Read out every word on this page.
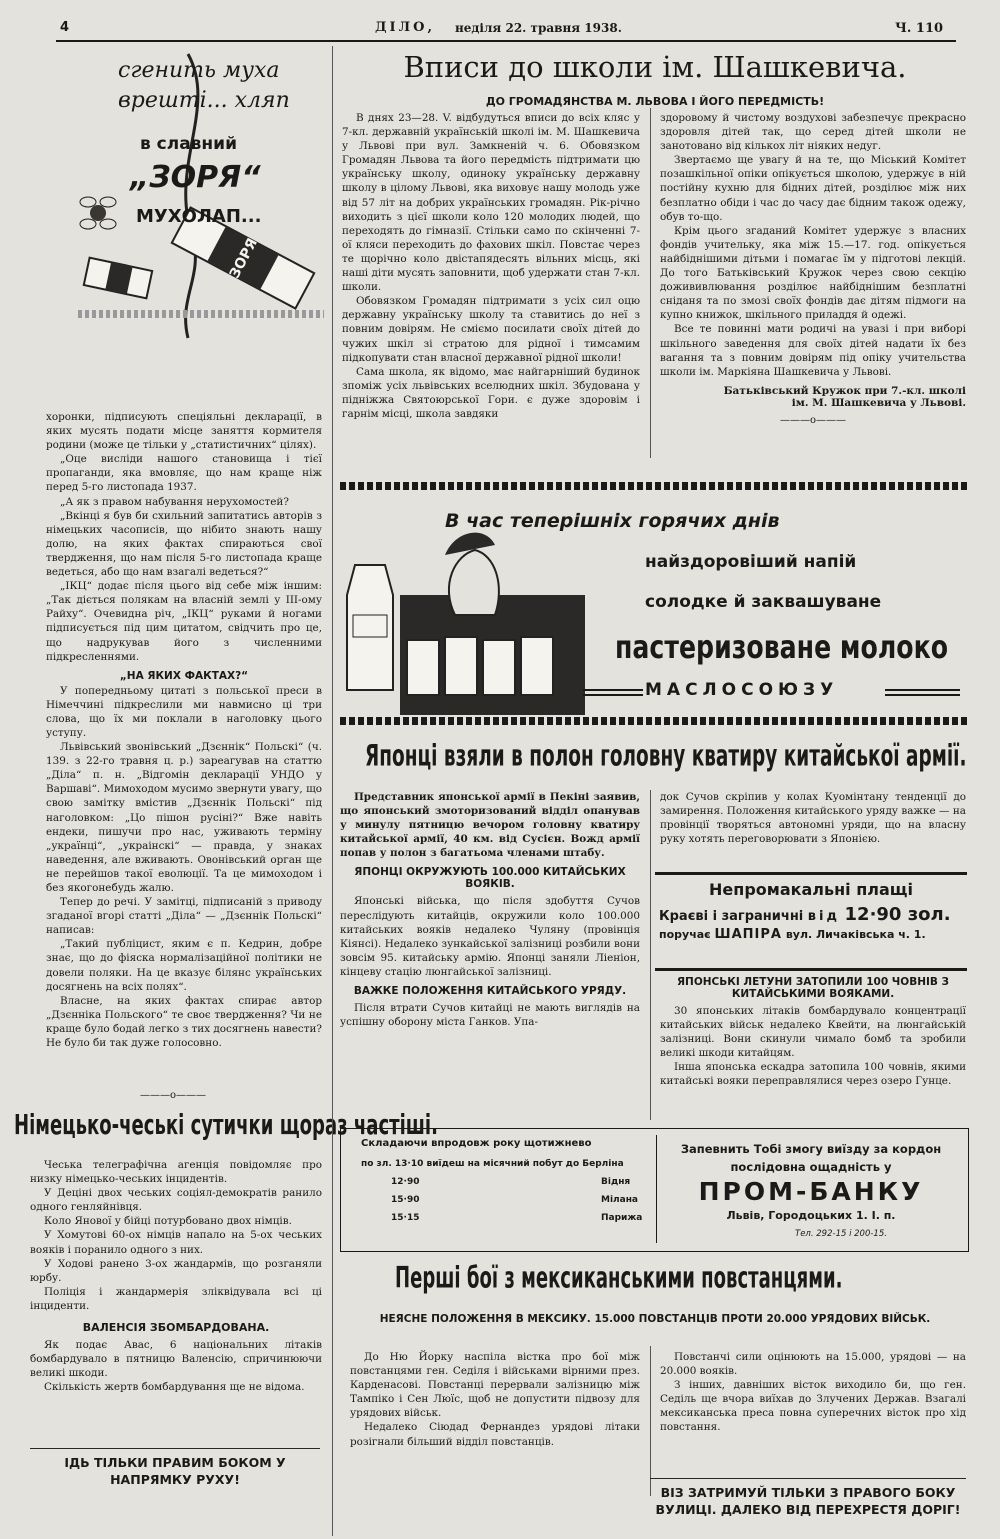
4	ДІЛО, неділя 22. травня 1938.	Ч. 110
ЗОРЯ
сгенить муха
врешті... хляп
в славний
„ЗОРЯ“
МУХОЛАП...

хоронки, підписують спеціяльні декларації, в яких мусять подати місце заняття кормителя родини (може це тільки у „статистичних“ цілях).

„Оце висліди нашого становища і тієї пропаганди, яка вмовляє, що нам краще ніж перед 5-го листопада 1937.

„А як з правом набування нерухомостей?

„Вкінці я був би схильний запитатись авторів з німецьких часописів, що нібито знають нашу долю, на яких фактах спираються свої твердження, що нам після 5-го листопада краще ведеться, або що нам взагалі ведеться?“

„ІКЦ“ додає після цього від себе між іншим: „Так діється полякам на власній землі у ІІІ-ому Райху“. Очевидна річ, „ІКЦ“ руками й ногами підписується під цим цитатом, свідчить про це, що надрукував його з численними підкресленнями.

„НА ЯКИХ ФАКТАХ?“

У попередньому цитаті з польської преси в Німеччині підкреслили ми навмисно ці три слова, що їх ми поклали в наголовку цього уступу.

Львівський звонівський „Дзєннік“ Польскі“ (ч. 139. з 22-го травня ц. р.) зареагував на статтю „Діла“ п. н. „Відгомін декларації УНДО у Варшаві“. Мимоходом мусимо звернути увагу, що свою замітку вмістив „Дзєннік Польскі“ під наголовком: „Цо пішон русіні?“ Вже навіть ендеки, пишучи про нас, уживають терміну „українці“, „украінскі“ — правда, у знаках наведення, але вживають. Овонівський орган ще не перейшов такої еволюції. Та це мимоходом і без якогонебудь жалю.

Тепер до речі. У замітці, підписаній з приводу згаданої вгорі статті „Діла“ — „Дзєннік Польскі“ написав:

„Такий публіцист, яким є п. Кедрин, добре знає, що до фіяска нормалізаційної політики не довели поляки. На це вказує білянс українських досягнень на всіх полях“.

Власне, на яких фактах спирає автор „Дзєнніка Польского“ те своє твердження? Чи не краще було бодай легко з тих досягнень навести? Не було би так дуже голосовно.

———o———
Німецько-чеські сутички щораз частіші.

Чеська телеграфічна агенція повідомляє про низку німецько-чеських інцидентів.

У Деціні двох чеських соціял-демократів ранило одного генляйнівця.

Коло Янової у бійці потурбовано двох німців.

У Хомутові 60-ох німців напало на 5-ох чеських вояків і поранило одного з них.

У Ходові ранено 3-ох жандармів, що розганяли юрбу.

Поліція і жандармерія зліквідувала всі ці інциденти.

ВАЛЕНСІЯ ЗБОМБАРДОВАНА.

Як подає Авас, 6 національних літаків бомбардувало в пятницю Валенсію, спричинюючи великі шкоди.

Скількість жертв бомбардування ще не відома.

ІДЬ ТІЛЬКИ ПРАВИМ БОКОМ У НАПРЯМКУ РУХУ!
Вписи до школи ім. Шашкевича.
ДО ГРОМАДЯНСТВА М. ЛЬВОВА І ЙОГО ПЕРЕДМІСТЬ!

В днях 23—28. V. відбудуться вписи до всіх кляс у 7-кл. державній українській школі ім. М. Шашкевича у Львові при вул. Замкненій ч. 6. Обовязком Громадян Львова та його передмість підтримати цю українську школу, одиноку українську державну школу в цілому Львові, яка виховує нашу молодь уже від 57 літ на добрих українських громадян. Рік-річно виходить з цієї школи коло 120 молодих людей, що переходять до гімназії. Стільки само по скінченні 7-ої кляси переходить до фахових шкіл. Повстає через те щорічно коло двістапядесять вільних місць, які наші діти мусять заповнити, щоб удержати стан 7-кл. школи.

Обовязком Громадян підтримати з усіх сил оцю державну українську школу та ставитись до неї з повним довірям. Не сміємо посилати своїх дітей до чужих шкіл зі стратою для рідної і тимсамим підкопувати стан власної державної рідної школи!

Сама школа, як відомо, має найгарніший будинок зпоміж усіх львівських вселюдних шкіл. Збудована у підніжжа Святоюрської Гори. є дуже здоровім і гарнім місці, школа завдяки

здоровому й чистому воздухові забезпечує прекрасно здоровля дітей так, що серед дітей школи не занотовано від кількох літ ніяких недуг.

Звертаємо ще увагу й на те, що Міський Комітет позашкільної опіки опікується школою, удержує в ній постійну кухню для бідних дітей, розділює між них безплатно обіди і час до часу дає бідним також одежу, обув то-що.

Крім цього згаданий Комітет удержує з власних фондів учительку, яка між 15.—17. год. опікується найбіднішими дітьми і помагає їм у підготові лекцій. До того Батьківський Кружок через свою секцію дожививлювання розділює найбіднішим безплатні сніданя та по змозі своїх фондів дає дітям підмоги на купно книжок, шкільного приладдя й одежі.

Все те повинні мати родичі на увазі і при виборі шкільного заведення для своїх дітей надати їх без вагання та з повним довірям під опіку учительства школи ім. Маркіяна Шашкевича у Львові.

Батьківський Кружок при 7.-кл. школі
ім. М. Шашкевича у Львові.
———o———
В час теперішніх горячих днів
найздоровіший напій
солодке й заквашуване
пастеризоване молоко
МАСЛОСОЮЗУ
Японці взяли в полон головну кватиру китайської армії.

Представник японської армії в Пекіні заявив, що японський змоторизований відділ опанував у минулу пятницю вечором головну кватиру китайської армії, 40 км. від Сусієн. Вожд армії попав у полон з багатьома членами штабу.

ЯПОНЦІ ОКРУЖУЮТЬ 100.000 КИТАЙСЬКИХ ВОЯКІВ.

Японські війська, що після здобуття Сучов переслідують китайців, окружили коло 100.000 китайських вояків недалеко Чуляну (провінція Кіянсі). Недалеко зункайської залізниці розбили вони зовсім 95. китайську армію. Японці заняли Ліеніон, кінцеву стацію люнгайської залізниці.

ВАЖКЕ ПОЛОЖЕННЯ КИТАЙСЬКОГО УРЯДУ.

Після втрати Сучов китайці не мають виглядів на успішну оборону міста Ганков. Упа-

док Сучов скріпив у колах Куомінтану тенденції до замирення. Положення китайського уряду важке — на провінції творяться автономні уряди, що на власну руку хотять переговорювати з Японією.

Непромакальні плащі
Краєві і заграничні від 12·90 зол.
поручає ШАПІРА вул. Личаківська ч. 1.
ЯПОНСЬКІ ЛЕТУНИ ЗАТОПИЛИ 100 ЧОВНІВ З КИТАЙСЬКИМИ ВОЯКАМИ.

30 японських літаків бомбардувало концентрації китайських військ недалеко Квейти, на люнгайській залізниці. Вони скинули чимало бомб та зробили великі шкоди китайцям.

Інша японська ескадра затопила 100 човнів, якими китайські вояки переправлялися через озеро Гунце.

Складаючи впродовж року щотижнево
по зл. 13·10 виїдеш на місячний побут до Берліна
12·90	Відня
15·90	Мілана
15·15	Парижа
Запевнить Тобі змогу виїзду за кордон
послідовна ощадність у
ПРОМ-БАНКУ
Львів, Городоцьких 1. І. п.
Тел. 292-15 і 200-15.
Перші бої з мексиканськими повстанцями.
НЕЯСНЕ ПОЛОЖЕННЯ В МЕКСИКУ. 15.000 ПОВСТАНЦІВ ПРОТИ 20.000 УРЯДОВИХ ВІЙСЬК.

До Ню Йорку наспіла вістка про бої між повстанцями ген. Седіля і військами вірними през. Карденасові. Повстанці перервали залізницю між Тампіко і Сен Люїс, щоб не допустити підвозу для урядових військ.

Недалеко Сіюдад Фернандез урядові літаки розігнали більший відділ повстанців.

Повстанчі сили оцінюють на 15.000, урядові — на 20.000 вояків.

З інших, давніших вісток виходило би, що ген. Седіль ще вчора виїхав до Злучених Держав. Взагалі мексиканська преса повна суперечних вісток про хід повстання.

ВІЗ ЗАТРИМУЙ ТІЛЬКИ З ПРАВОГО БОКУ ВУЛИЦІ. ДАЛЕКО ВІД ПЕРЕХРЕСТЯ ДОРІГ!
